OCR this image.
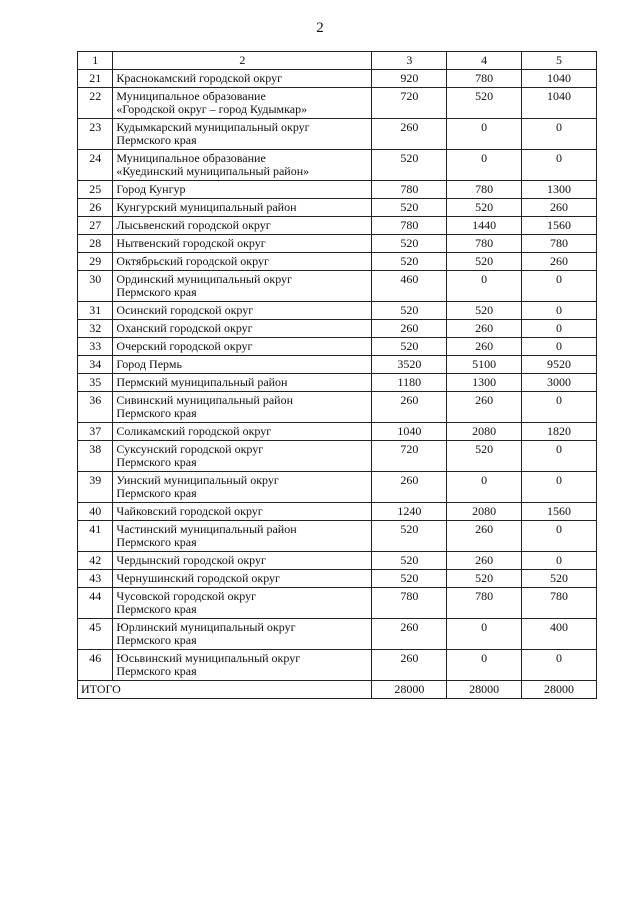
2
1	2	3	4	5
21	Краснокамский городской округ	920	780	1040
22	Муниципальное образование
«Городской округ – город Кудымкар»	720	520	1040
23	Кудымкарский муниципальный округ
Пермского края	260	0	0
24	Муниципальное образование
«Куединский муниципальный район»	520	0	0
25	Город Кунгур	780	780	1300
26	Кунгурский муниципальный район	520	520	260
27	Лысьвенский городской округ	780	1440	1560
28	Нытвенский городской округ	520	780	780
29	Октябрьский городской округ	520	520	260
30	Ординский муниципальный округ
Пермского края	460	0	0
31	Осинский городской округ	520	520	0
32	Оханский городской округ	260	260	0
33	Очерский городской округ	520	260	0
34	Город Пермь	3520	5100	9520
35	Пермский муниципальный район	1180	1300	3000
36	Сивинский муниципальный район
Пермского края	260	260	0
37	Соликамский городской округ	1040	2080	1820
38	Суксунский городской округ
Пермского края	720	520	0
39	Уинский муниципальный округ
Пермского края	260	0	0
40	Чайковский городской округ	1240	2080	1560
41	Частинский муниципальный район
Пермского края	520	260	0
42	Чердынский городской округ	520	260	0
43	Чернушинский городской округ	520	520	520
44	Чусовской городской округ
Пермского края	780	780	780
45	Юрлинский муниципальный округ
Пермского края	260	0	400
46	Юсьвинский муниципальный округ
Пермского края	260	0	0
ИТОГО		28000	28000	28000
